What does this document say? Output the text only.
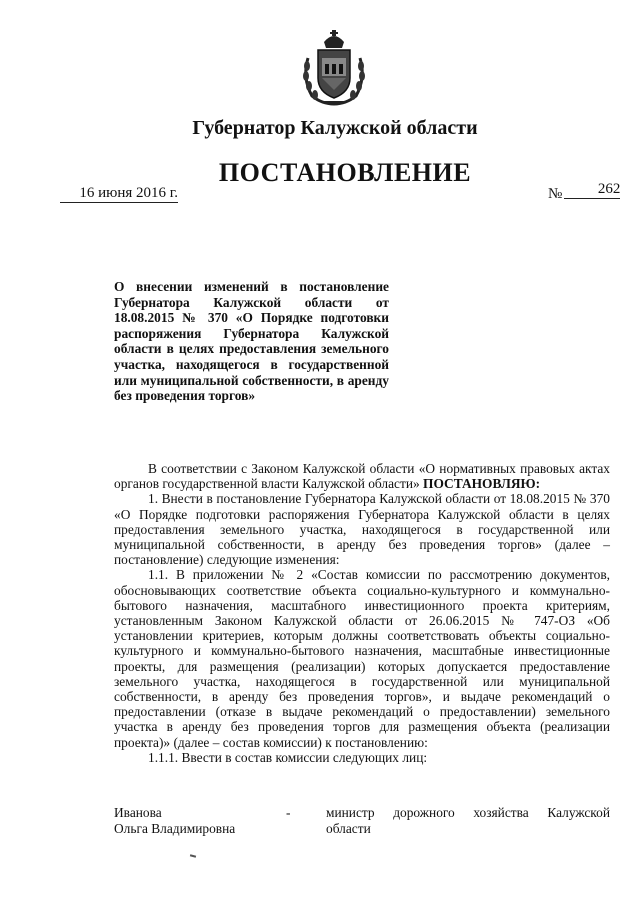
Губернатор Калужской области
ПОСТАНОВЛЕНИЕ
16 июня 2016 г.	№ 262
О внесении изменений в постановление Губернатора Калужской области от 18.08.2015 № 370 «О Порядке подготовки распоряжения Губернатора Калужской области в целях предоставления земельного участка, находящегося в государственной или муниципальной собственности, в аренду без проведения торгов»

В соответствии с Законом Калужской области «О нормативных правовых актах органов государственной власти Калужской области» ПОСТАНОВЛЯЮ:

1. Внести в постановление Губернатора Калужской области от 18.08.2015 № 370 «О Порядке подготовки распоряжения Губернатора Калужской области в целях предоставления земельного участка, находящегося в государственной или муниципальной собственности, в аренду без проведения торгов» (далее – постановление) следующие изменения:

1.1. В приложении № 2 «Состав комиссии по рассмотрению документов, обосновывающих соответствие объекта социально-культурного и коммунально-бытового назначения, масштабного инвестиционного проекта критериям, установленным Законом Калужской области от 26.06.2015 № 747-ОЗ «Об установлении критериев, которым должны соответствовать объекты социально-культурного и коммунально-бытового назначения, масштабные инвестиционные проекты, для размещения (реализации) которых допускается предоставление земельного участка, находящегося в государственной или муниципальной собственности, в аренду без проведения торгов», и выдаче рекомендаций о предоставлении (отказе в выдаче рекомендаций о предоставлении) земельного участка в аренду без проведения торгов для размещения объекта (реализации проекта)» (далее – состав комиссии) к постановлению:

1.1.1. Ввести в состав комиссии следующих лиц:

Иванова
Ольга Владимировна
-	министр дорожного хозяйства Калужской области
